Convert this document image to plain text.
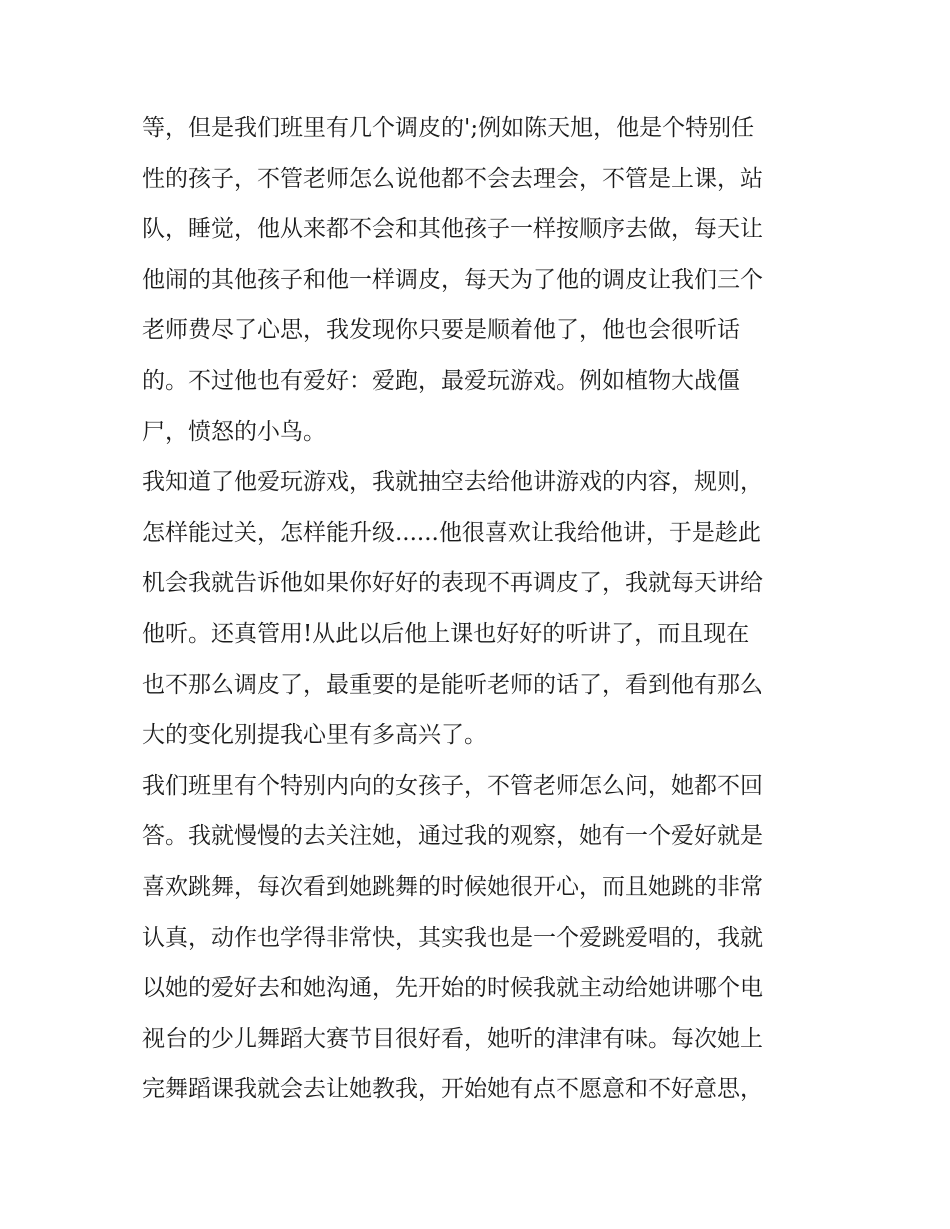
等，但是我们班里有几个调皮的';例如陈天旭，他是个特别任
性的孩子，不管老师怎么说他都不会去理会，不管是上课，站
队，睡觉，他从来都不会和其他孩子一样按顺序去做，每天让
他闹的其他孩子和他一样调皮，每天为了他的调皮让我们三个
老师费尽了心思，我发现你只要是顺着他了，他也会很听话
的。不过他也有爱好：爱跑，最爱玩游戏。例如植物大战僵
尸，愤怒的小鸟。
我知道了他爱玩游戏，我就抽空去给他讲游戏的内容，规则，
怎样能过关，怎样能升级......他很喜欢让我给他讲，于是趁此
机会我就告诉他如果你好好的表现不再调皮了，我就每天讲给
他听。还真管用!从此以后他上课也好好的听讲了，而且现在
也不那么调皮了，最重要的是能听老师的话了，看到他有那么
大的变化别提我心里有多高兴了。
我们班里有个特别内向的女孩子，不管老师怎么问，她都不回
答。我就慢慢的去关注她，通过我的观察，她有一个爱好就是
喜欢跳舞，每次看到她跳舞的时候她很开心，而且她跳的非常
认真，动作也学得非常快，其实我也是一个爱跳爱唱的，我就
以她的爱好去和她沟通，先开始的时候我就主动给她讲哪个电
视台的少儿舞蹈大赛节目很好看，她听的津津有味。每次她上
完舞蹈课我就会去让她教我，开始她有点不愿意和不好意思，
